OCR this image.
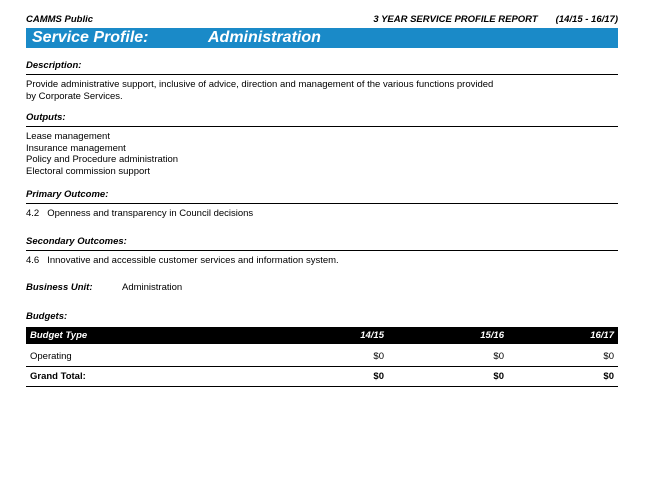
CAMMS Public	3 YEAR SERVICE PROFILE REPORT (14/15 - 16/17)
Service Profile:	Administration
Description:
Provide administrative support, inclusive of advice, direction and management of the various functions provided
by Corporate Services.
Outputs:
Lease management
Insurance management
Policy and Procedure administration
Electoral commission support
Primary Outcome:
4.2 Openness and transparency in Council decisions
Secondary Outcomes:
4.6 Innovative and accessible customer services and information system.
Business Unit:	Administration
Budgets:
Budget Type	14/15	15/16	16/17
Operating	$0	$0	$0
Grand Total:	$0	$0	$0
